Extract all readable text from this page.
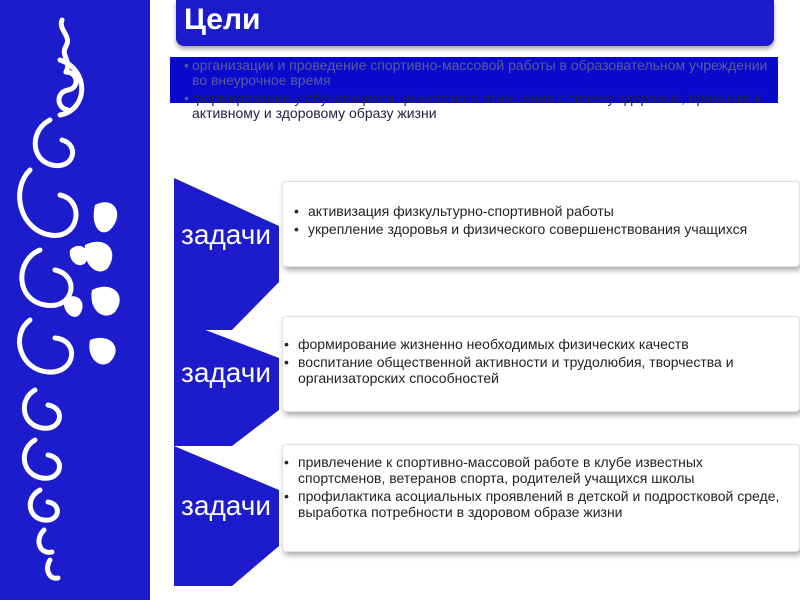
Цели
• организации и проведение спортивно-массовой работы в образовательном учреждении во внеурочное время
• формирование у обучающихся ценностного отношения к своему здоровью, привычки к активному и здоровому образу жизни
задачи
• активизация физкультурно-спортивной работы
• укрепление здоровья и физического совершенствования учащихся
задачи
• формирование жизненно необходимых физических качеств
• воспитание общественной активности и трудолюбия, творчества и организаторских способностей
задачи
• привлечение к спортивно-массовой работе в клубе известных спортсменов, ветеранов спорта, родителей учащихся школы
• профилактика асоциальных проявлений в детской и подростковой среде, выработка потребности в здоровом образе жизни
